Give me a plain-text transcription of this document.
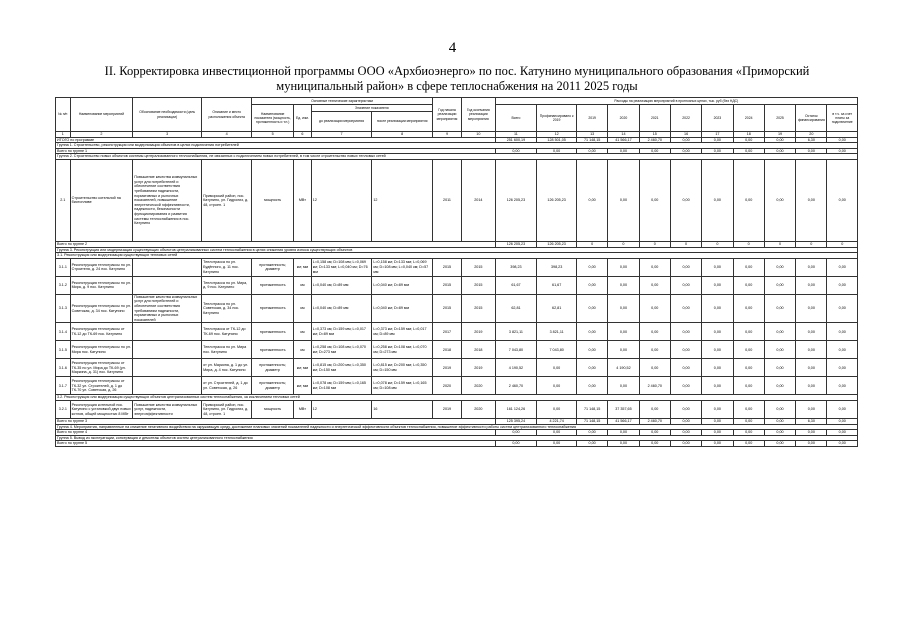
4
II. Корректировка инвестиционной программы ООО «Архбиоэнерго» по пос. Катунино муниципального образования «Приморский муниципальный район» в сфере теплоснабжения на 2011 2025 годы
№ п/п	Наименование мероприятий	Обоснование необходимости (цель реализации)	Описание и место расположения объекта	Основные технические характеристики				Год начала реализации мероприятия	Год окончания реализации мероприятия	Расходы на реализацию мероприятий в прогнозных ценах, тыс. руб (без НДС)										
				Наименование показателя (мощность, протяженность и т.п.)	Ед. изм.	Значение показателя				Всего	Профинансировано к 2019	2019	2020	2021	2022	2023	2024	2025	Остаток финансирования	в т.ч. за счет платы за подключение
						до реализации мероприятия	после реализации мероприятия													
1	2	3	4	5	6	7	8	9	10	11	12	13	14	15	16	17	18	19	20	
ИТОГО по программе										251 600,19	128 501,05	71 148,15	41 566,17	2 460,70	0,00	0,00	0,00	0,00	6,30	0,00
Группа 1. Строительство, реконструкция или модернизация объектов в целях подключения потребителей																				
Всего по группе 1										0,00	0,00	0,00	0,00	0,00	0,00	0,00	0,00	0,00	0,00	0,00
Группа 2. Строительство новых объектов системы централизованного теплоснабжения, не связанных с подключением новых потребителей, в том числе строительство новых тепловых сетей																				
2.1	Строительство котельной на биотопливе	Повышение качества коммунальных услуг для потребителей и обеспечение соответствия требованиям надежности, нормативных и рыночных показателей, повышение энергетической эффективности, надежности, безопасности функционирования и развития системы теплоснабжения в пос. Катунино	Приморский район, пос. Катунино, ул. Гидролиз, д. 48, строен. 1	мощность	МВт	12	12	2011	2014	126 205,23	126 205,23	0,00	0,00	0,00	0,00	0,00	0,00	0,00	0,00	0,00
Всего по группе 2										126 205,23	126 205,23	0	0	0	0	0	0	0	0	0
Группа 3. Реконструкция или модернизация существующих объектов централизованных систем теплоснабжения в целях снижения уровня износа существующих объектов																				
3.1. Реконструкция или модернизация существующих тепловых сетей																				
3.1.1	Реконструкция теплотрассы по ул. Строителя, д. 24 пос. Катунино		Теплотрасса по ул. Будённого, д. 11 пос. Катунино	протяженность; диаметр	км; мм	L=0,158 км; D=108 мм; L=0,069 км; D=133 мм; L=0,040 км; D=76 мм	L=0,158 км; D=133 мм; L=0,069 км; D=108 мм; L=0,040 км; D=57 мм	2015	2015	398,23	398,23	0,00	0,00	0,00	0,00	0,00	0,00	0,00	0,00	0,00
3.1.2	Реконструкция теплотрассы по ул. Мира, д. 9 пос. Катунино		Теплотрасса по ул. Мира, д. 9 пос. Катунино	протяженность	км	L=0,040 км; D=89 мм	L=0,040 км; D=89 мм	2015	2015	61,67	61,67	0,00	0,00	0,00	0,00	0,00	0,00	0,00	0,00	0,00
3.1.3	Реконструкция теплотрассы по ул. Советская, д. 34 пос. Катунино	Повышение качества коммунальных услуг для потребителей и обеспечение соответствия требованиям надежности, нормативных и рыночных показателей	Теплотрасса по ул. Советская, д. 34 пос. Катунино	протяженность	км	L=0,040 км; D=89 мм	L=0,040 км; D=89 мм	2015	2015	62,81	62,81	0,00	0,00	0,00	0,00	0,00	0,00	0,00	0,00	0,00
3.1.4	Реконструкция теплотрассы от ТК-12 до ТК-69 пос. Катунино		Теплотрасса от ТК-12 до ТК-69 пос. Катунино	протяженность	км	L=0,373 км; D=159 мм; L=0,017 км; D=89 мм	L=0,373 км; D=159 мм; L=0,017 км; D=89 мм	2017	2019	3 821,11	3 821,11	0,00	0,00	0,00	0,00	0,00	0,00	0,00	0,00	0,00
3.1.5	Реконструкция теплотрассы по ул. Мира пос. Катунино		Теплотрасса по ул. Мира пос. Катунино	протяженность	км	L=0,258 км; D=108 мм; L=0,070 км; D=273 мм	L=0,258 км; D=108 мм; L=0,070 км; D=273 мм	2018	2018	7 043,80	7 043,80	0,00	0,00	0,00	0,00	0,00	0,00	0,00	0,00	0,00
3.1.6	Реконструкция теплотрассы от ТК-35 по ул. Мира до ТК-69 (ул. Маркина, д. 31) пос. Катунино		от ул. Маркина, д. 1 до ул. Мира, д. 4 пос. Катунино	протяженность; диаметр	км; мм	L=0,815 км; D=200 мм; L=0,350 км; D=150 мм	L=0,815 км; D=200 мм; L=0,350 км; D=150 мм	2019	2019	4 190,52	0,00	0,00	4 190,52	0,00	0,00	0,00	0,00	0,00	0,00	0,00
3.1.7	Реконструкция теплотрассы от ТК-32 ул. Строителей, д. 1 до ТК-70 ул. Советская, д. 26		от ул. Строителей, д. 1 до ул. Советская, д. 26	протяженность; диаметр	км; мм	L=0,078 км; D=159 мм; L=0,165 км; D=108 мм	L=0,078 км; D=159 мм; L=0,165 км; D=108 мм	2020	2020	2 460,70	0,00	0,00	0,00	2 460,70	0,00	0,00	0,00	0,00	0,00	0,00
3.2. Реконструкция или модернизация существующих объектов централизованных систем теплоснабжения, за исключением тепловых сетей																				
3.2.1	Реконструкция котельной пос. Катунино с установкой двух новых котлов, общей мощностью 8 МВт	Повышение качества коммунальных услуг, надежности, энергоэффективности	Приморский район, пос. Катунино, ул. Гидролиз, д. 48, строен. 1	мощность	МВт	12	16	2019	2020	161 124,26	0,00	71 148,15	37 357,65	0,00	0,00	0,00	0,00	0,00	0,00	0,00
Всего по группе 3										125 395,24	4 221,74	71 148,15	41 566,17	2 460,70	0,00	0,00	0,00	0,00	6,30	0,00
Группа 4. Мероприятия, направленные на снижение негативного воздействия на окружающую среду, достижение плановых значений показателей надежности и энергетической эффективности объектов теплоснабжения, повышение эффективности работы систем централизованного теплоснабжения																				
Всего по группе 4										0,00	0,00	0,00	0,00	0,00	0,00	0,00	0,00	0,00	0,00	0,00
Группа 5. Вывод из эксплуатации, консервация и демонтаж объектов систем централизованного теплоснабжения																				
Всего по группе 5										0,00	0,00	0,00	0,00	0,00	0,00	0,00	0,00	0,00	0,00	0,00
